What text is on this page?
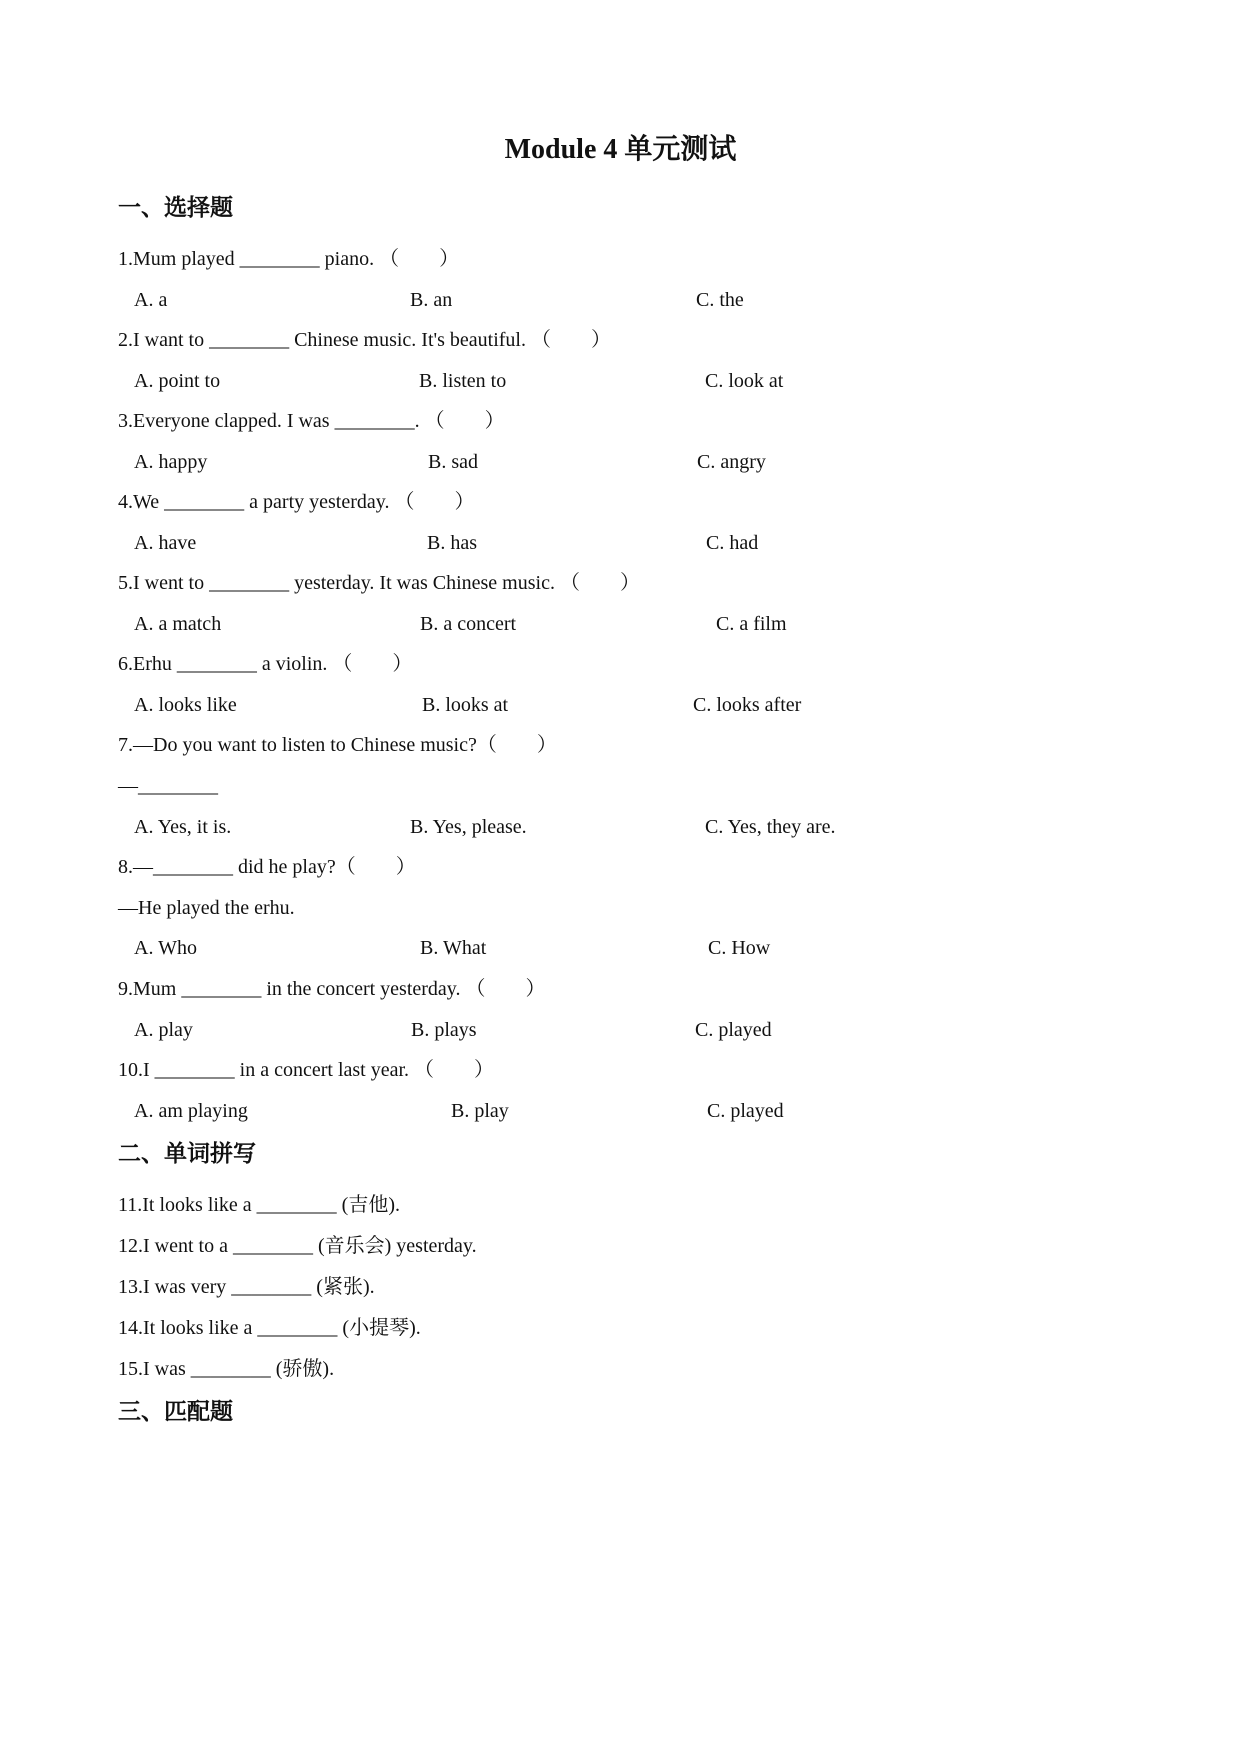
Module 4 单元测试
一、选择题
1.Mum played ________ piano. （　　）
A. a	B. an	C. the
2.I want to ________ Chinese music. It's beautiful. （　　）
A. point to	B. listen to	C. look at
3.Everyone clapped. I was ________. （　　）
A. happy	B. sad	C. angry
4.We ________ a party yesterday. （　　）
A. have	B. has	C. had
5.I went to ________ yesterday. It was Chinese music. （　　）
A. a match	B. a concert	C. a film
6.Erhu ________ a violin. （　　）
A. looks like	B. looks at	C. looks after
7.—Do you want to listen to Chinese music?（　　）
—________
A. Yes, it is.	B. Yes, please.	C. Yes, they are.
8.—________ did he play?（　　）
—He played the erhu.
A. Who	B. What	C. How
9.Mum ________ in the concert yesterday. （　　）
A. play	B. plays	C. played
10.I ________ in a concert last year. （　　）
A. am playing	B. play	C. played
二、单词拼写
11.It looks like a ________ (吉他).
12.I went to a ________ (音乐会) yesterday.
13.I was very ________ (紧张).
14.It looks like a ________ (小提琴).
15.I was ________ (骄傲).
三、匹配题
